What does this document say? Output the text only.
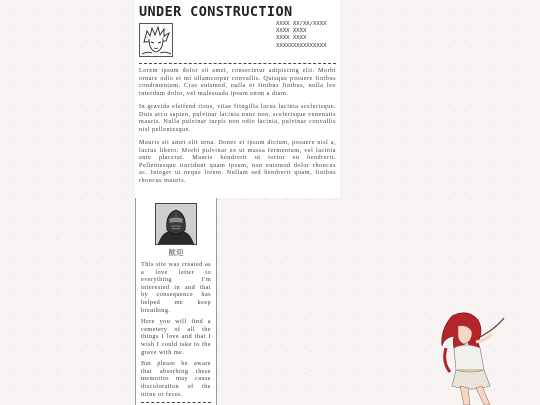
UNDER CONSTRUCTION
XXXX XX/XX/XXXX
XXXX XXXX
XXXX XXXX
XXXXXXXXXXXXXXX

Lorem ipsum dolor sit amet, consectetur adipiscing elit. Morbi ornare odio et mi ullamcorper convallis. Quisque posuere finibus condimentum. Cras euismod, nulla et finibus finibus, nulla leo interdum dolor, vel malesuada ipsum enim a diam.

In gravida eleifend risus, vitae fringilla lacus lacinia scelerisque. Duis arcu sapien, pulvinar lacinia nunc non, scelerisque venenatis mauris. Nulla pulvinar turpis non odio lacinia, pulvinar convallis nisl pellentesque.

Mauris sit amet elit urna. Donec et ipsum dictum, posuere nisl a, luctus libero. Morbi pulvinar ex ut massa fermentum, vel lacinia ante placerat. Mauris hendrerit ut tortor eu hendrerit. Pellentesque tincidunt quam ipsum, non euismod dolor rhoncus ac. Integer ut neque lorem. Nullam sed hendrerit quam, finibus rhoncus mauris.

歓迎

This site was created as a love letter to everything I'm interested in and that by consequence has helped me keep breathing.

Here you will find a cemetery of all the things I love and that I wish I could take to the grave with me.

But please be aware that absorbing these memories may cause discoloration of the urine or feces.
